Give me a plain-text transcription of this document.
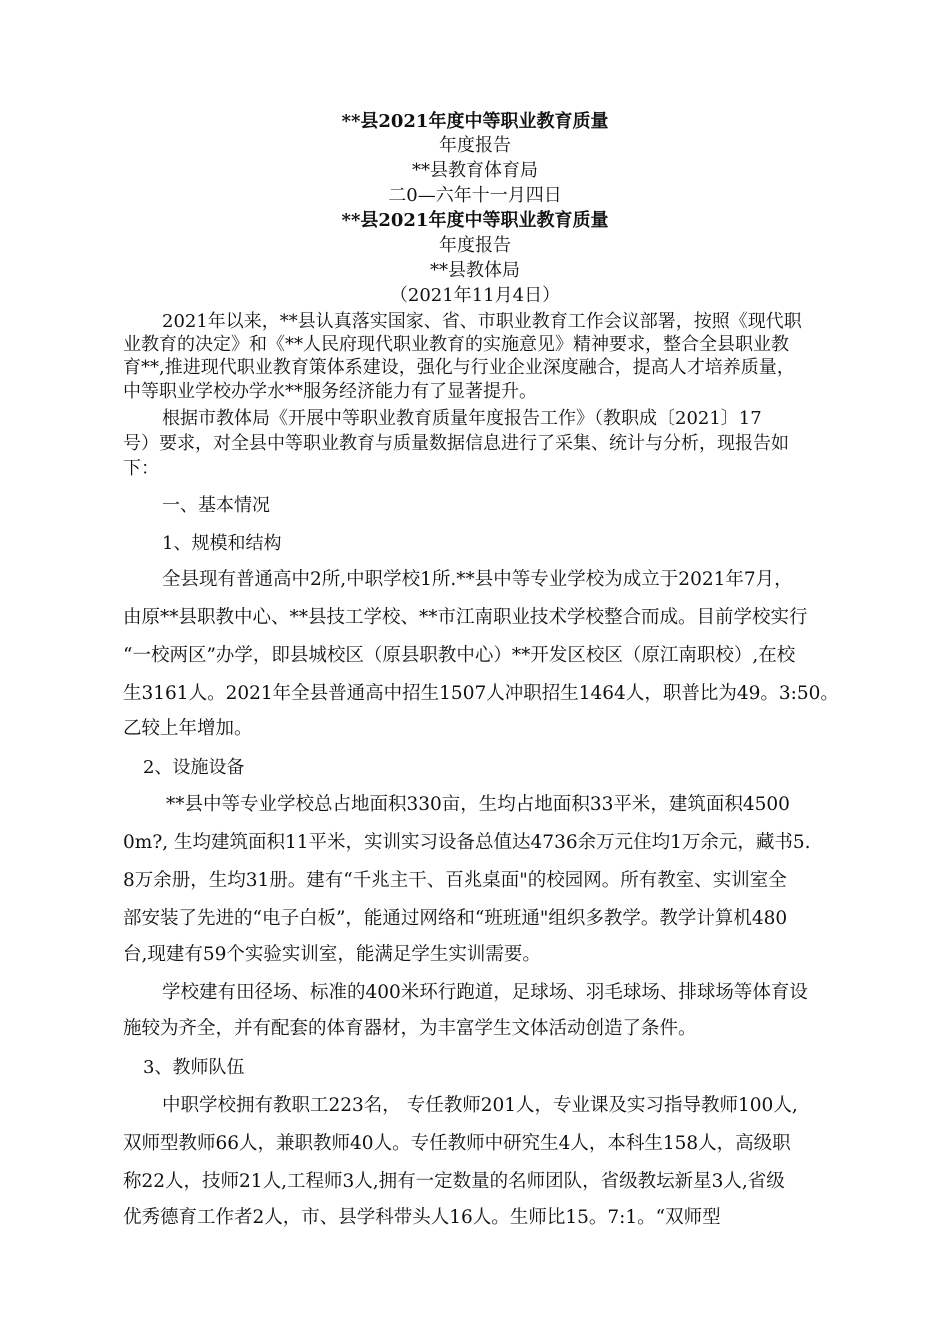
**县2021年度中等职业教育质量
年度报告
**县教育体育局
二0—六年十一月四日
**县2021年度中等职业教育质量
年度报告
**县教体局
（2021年11月4日）
2021年以来，**县认真落实国家、省、市职业教育工作会议部署，按照《现代职
业教育的决定》和《**人民府现代职业教育的实施意见》精神要求，整合全县职业教
育**,推进现代职业教育策体系建设，强化与行业企业深度融合，提高人才培养质量，
中等职业学校办学水**服务经济能力有了显著提升。
根据市教体局《开展中等职业教育质量年度报告工作》（教职成〔2021〕17
号）要求，对全县中等职业教育与质量数据信息进行了采集、统计与分析，现报告如
下：
一、基本情况
1、规模和结构
全县现有普通高中2所,中职学校1所.**县中等专业学校为成立于2021年7月，
由原**县职教中心、**县技工学校、**市江南职业技术学校整合而成。目前学校实行
“一校两区”办学，即县城校区（原县职教中心）**开发区校区（原江南职校）,在校
生3161人。2021年全县普通高中招生1507人冲职招生1464人，职普比为49。3:50。
乙较上年增加。
2、设施设备
**县中等专业学校总占地面积330亩，生均占地面积33平米，建筑面积4500
0m?, 生均建筑面积11平米，实训实习设备总值达4736余万元住均1万余元，藏书5.
8万余册，生均31册。建有“千兆主干、百兆桌面"的校园网。所有教室、实训室全
部安装了先进的“电子白板”，能通过网络和“班班通"组织多教学。教学计算机480
台,现建有59个实验实训室，能满足学生实训需要。
学校建有田径场、标准的400米环行跑道，足球场、羽毛球场、排球场等体育设
施较为齐全，并有配套的体育器材，为丰富学生文体活动创造了条件。
3、教师队伍
中职学校拥有教职工223名， 专任教师201人，专业课及实习指导教师100人,
双师型教师66人，兼职教师40人。专任教师中研究生4人，本科生158人，高级职
称22人，技师21人,工程师3人,拥有一定数量的名师团队，省级教坛新星3人,省级
优秀德育工作者2人，市、县学科带头人16人。生师比15。7:1。“双师型
